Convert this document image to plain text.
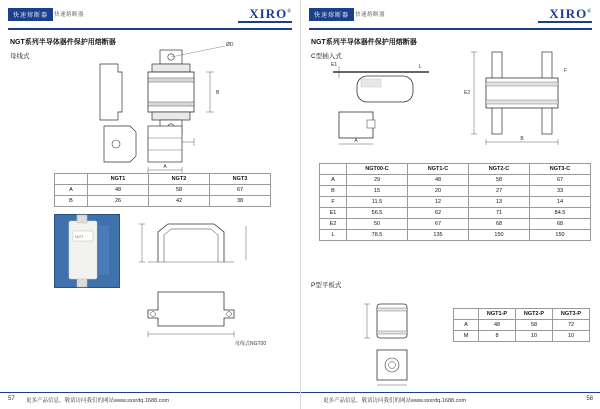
快速熔断器	快速熔断器	XIRO®
NGT系列半导体器件保护用熔断器
母线式
B
ØD
A
	NGT1	NGT2	NGT3
A	48	58	67
B	26	42	38
NGT
母线式NGT00
57 更多产品信息，敬请访问我们的网站www.sxxrdq.1688.com
快速熔断器	快速熔断器	XIRO®
NGT系列半导体器件保护用熔断器
C型插入式
E1	L
A
E2
B
F
	NGT00-C	NGT1-C	NGT2-C	NGT3-C
A	29	48	58	67
B	15	20	27	33
F	11.5	12	13	14
E1	56.5	62	71	84.5
E2	50	67	68	68
L	78.5	135	150	150
P型平板式
	NGT1-P	NGT2-P	NGT3-P
A	48	58	72
M	8	10	10
58
更多产品信息，敬请访问我们的网站www.sxxrdq.1688.com
